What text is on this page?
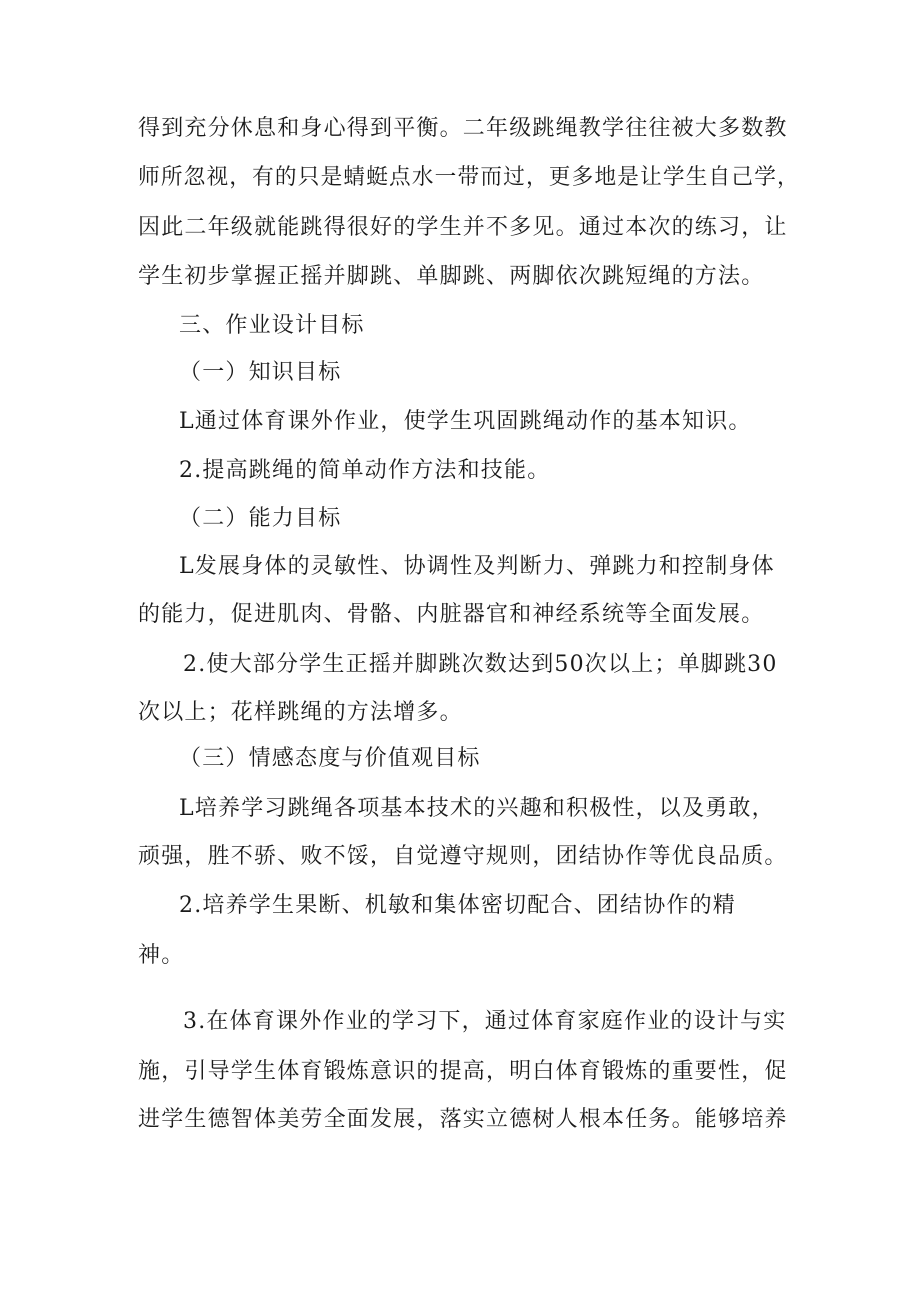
得到充分休息和身心得到平衡。二年级跳绳教学往往被大多数教
师所忽视，有的只是蜻蜓点水一带而过，更多地是让学生自己学，
因此二年级就能跳得很好的学生并不多见。通过本次的练习，让
学生初步掌握正摇并脚跳、单脚跳、两脚依次跳短绳的方法。
三、作业设计目标
（一）知识目标
L通过体育课外作业，使学生巩固跳绳动作的基本知识。
2.提高跳绳的简单动作方法和技能。
（二）能力目标
L发展身体的灵敏性、协调性及判断力、弹跳力和控制身体
的能力，促进肌肉、骨骼、内脏器官和神经系统等全面发展。
2.使大部分学生正摇并脚跳次数达到50次以上；单脚跳30
次以上；花样跳绳的方法增多。
（三）情感态度与价值观目标
L培养学习跳绳各项基本技术的兴趣和积极性，以及勇敢，
顽强，胜不骄、败不馁，自觉遵守规则，团结协作等优良品质。
2.培养学生果断、机敏和集体密切配合、团结协作的精
神。
3.在体育课外作业的学习下，通过体育家庭作业的设计与实
施，引导学生体育锻炼意识的提高，明白体育锻炼的重要性，促
进学生德智体美劳全面发展，落实立德树人根本任务。能够培养
